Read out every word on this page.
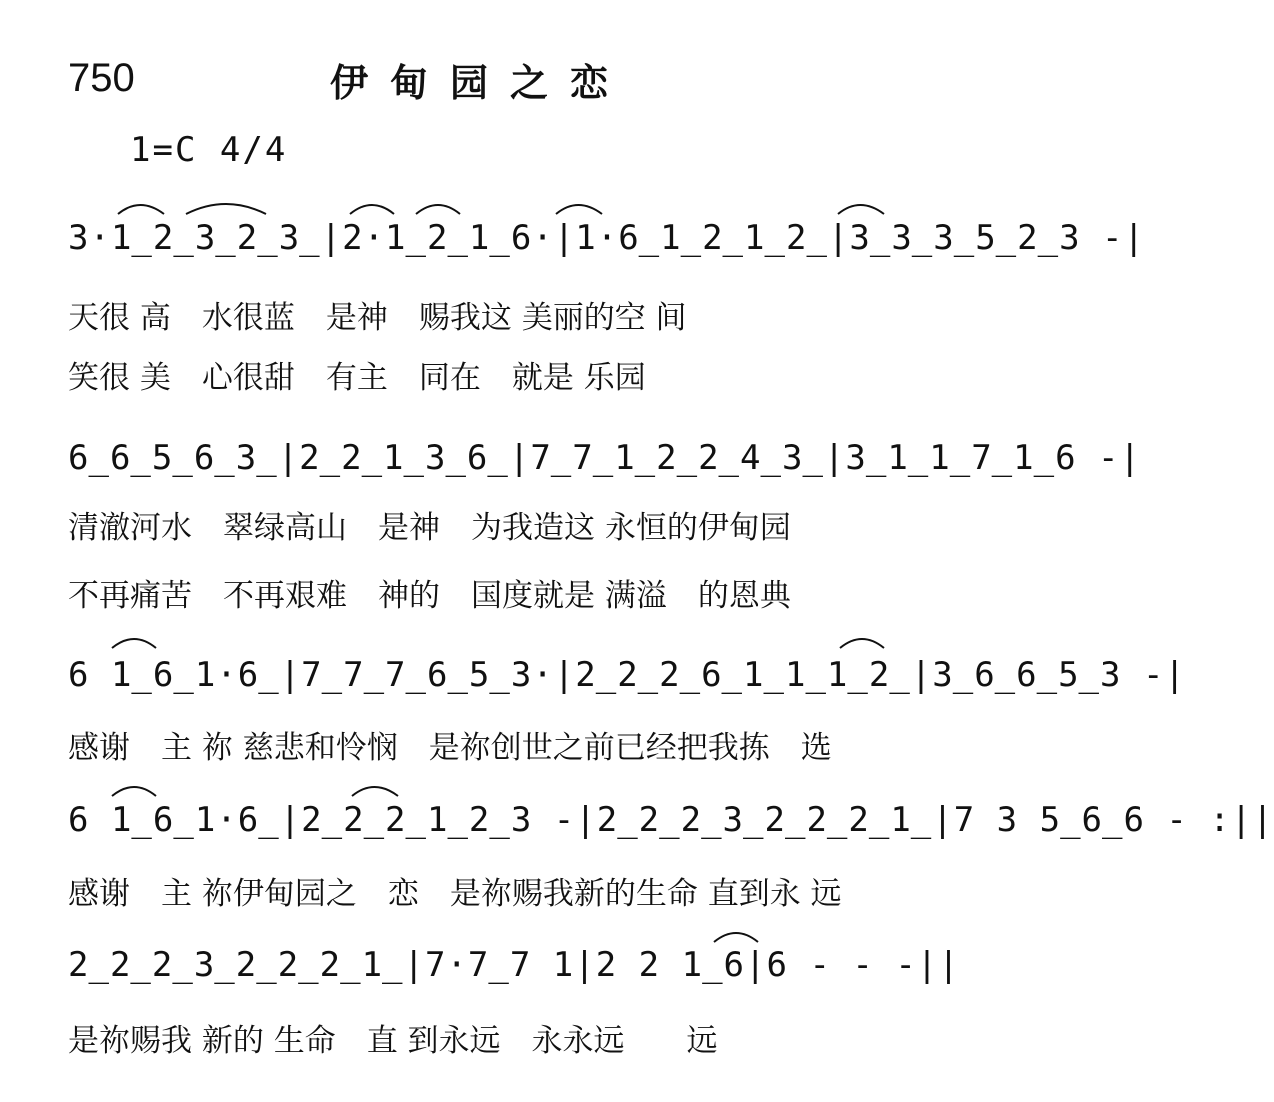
750	伊甸园之恋
1=C 4/4
3·1̲2̲3̲2̲3̲|2·1̲2̲1̲6·|1·6̲1̲2̲1̲2̲|3̲3̲3̲5̲2̲3 -|
天很 高　水很蓝　是神　赐我这 美丽的空 间
笑很 美　心很甜　有主　同在　就是 乐园
6̲6̲5̲6̲3̲|2̲2̲1̲3̲6̲|7̲7̲1̲2̲2̲4̲3̲|3̲1̲1̲7̲1̲6 -|
清澈河水　翠绿高山　是神　为我造这 永恒的伊甸园
不再痛苦　不再艰难　神的　国度就是 满溢　的恩典
6 1̲6̲1·6̲|7̲7̲7̲6̲5̲3·|2̲2̲2̲6̲1̲1̲1̲2̲|3̲6̲6̲5̲3 -|
感谢　主 祢 慈悲和怜悯　是祢创世之前已经把我拣　选
6 1̲6̲1·6̲|2̲2̲2̲1̲2̲3 -|2̲2̲2̲3̲2̲2̲2̲1̲|7 3 5̲6̲6 - :||
感谢　主 祢伊甸园之　恋　是祢赐我新的生命 直到永 远
2̲2̲2̲3̲2̲2̲2̲1̲|7·7̲7 1|2 2 1̲6|6 - - -||
是祢赐我 新的 生命　直 到永远　永永远　　远
